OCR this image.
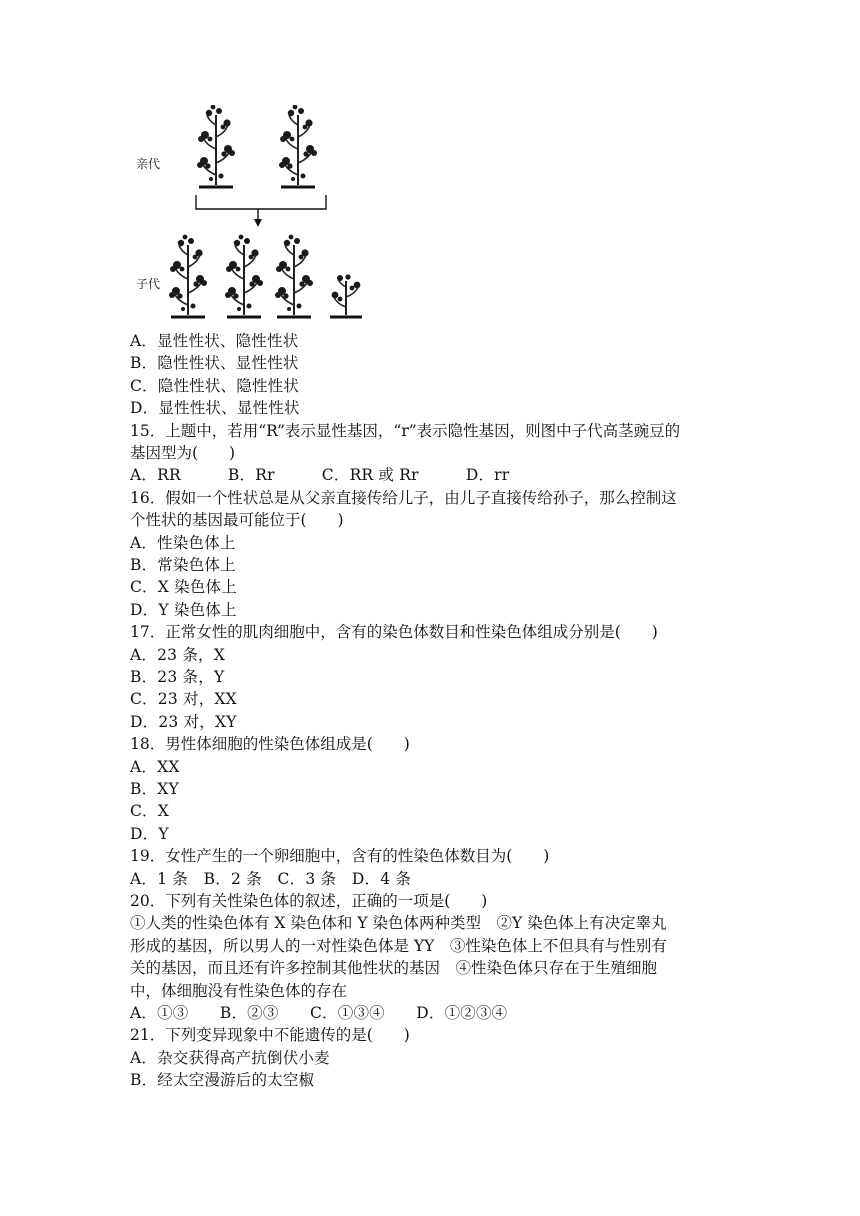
亲代
子代
A．显性性状、隐性性状
B．隐性性状、显性性状
C．隐性性状、隐性性状
D．显性性状、显性性状
15．上题中，若用“R”表示显性基因，“r”表示隐性基因，则图中子代高茎豌豆的
基因型为(　　)
A．RR　　　B．Rr　　　C．RR 或 Rr　　　D．rr
16．假如一个性状总是从父亲直接传给儿子，由儿子直接传给孙子，那么控制这
个性状的基因最可能位于(　　)
A．性染色体上
B．常染色体上
C．X 染色体上
D．Y 染色体上
17．正常女性的肌肉细胞中，含有的染色体数目和性染色体组成分别是(　　)
A．23 条，X
B．23 条，Y
C．23 对，XX
D．23 对，XY
18．男性体细胞的性染色体组成是(　　)
A．XX
B．XY
C．X
D．Y
19．女性产生的一个卵细胞中，含有的性染色体数目为(　　)
A．1 条　B．2 条　C．3 条　D．4 条
20．下列有关性染色体的叙述，正确的一项是(　　)
①人类的性染色体有 X 染色体和 Y 染色体两种类型　②Y 染色体上有决定睾丸
形成的基因，所以男人的一对性染色体是 YY　③性染色体上不但具有与性别有
关的基因，而且还有许多控制其他性状的基因　④性染色体只存在于生殖细胞
中，体细胞没有性染色体的存在
A．①③　　B．②③　　C．①③④　　D．①②③④
21．下列变异现象中不能遗传的是(　　)
A．杂交获得高产抗倒伏小麦
B．经太空漫游后的太空椒
